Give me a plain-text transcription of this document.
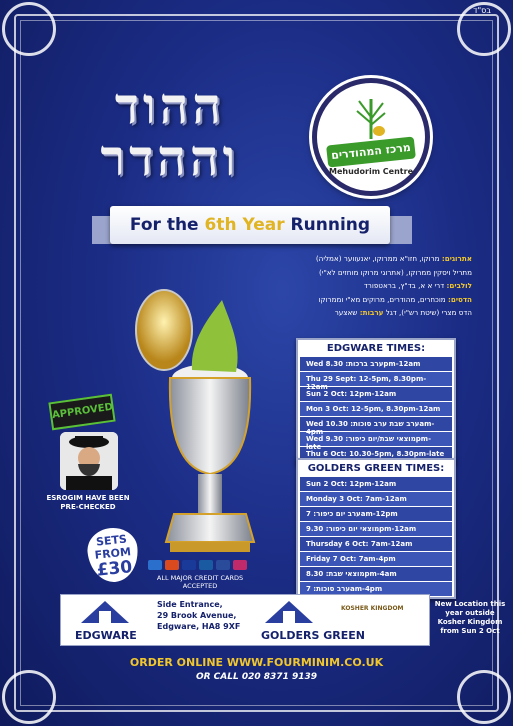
בס"ד
ההוד
וההדר	מרכז המהודרים
Mehudorim Centre
For the 6th Year Running
אתרוגים: מרוקו, חזו"א ממרוקו, יאנעווער (אמליה)
מתריל ויסקין ממרוקו, (אתרוגי מרוקו מוחזים לא"י)
לולבים: דרי א א, בד"ץ, בראטפורד
הדסים: מוכחרים, מהודרים, מרוקים מא"י וממרוקו
הדס מצרי (שיטת רש"י), דגל ערבות: שאצער
APPROVED
ESROGIM HAVE BEEN PRE-CHECKED
SETS
FROM
£30	ALL MAJOR CREDIT CARDS ACCEPTED
EDGWARE TIMES:
Wed ערב ברכות: 8.30pm-12am
Thu 29 Sept: 12-5pm, 8.30pm-12am
Sun 2 Oct: 12pm-12am
Mon 3 Oct: 12-5pm, 8.30pm-12am
Wed ערב שבת ערב סוכות: 10.30am-4pm
Wed מוצאי שבת/יום כיפור: 9.30pm-late
Thu 6 Oct: 10.30-5pm, 8.30pm-late
GOLDERS GREEN TIMES:
Sun 2 Oct: 12pm-12am
Monday 3 Oct: 7am-12am
ערב יום כיפור: 7am-12pm
מוצאי יום כיפור: 9.30pm-12am
Thursday 6 Oct: 7am-12am
Friday 7 Oct: 7am-4pm
מוצאי שבת: 8.30pm-4am
ערב סוכות: 7am-4pm
EDGWARE
Side Entrance,
29 Brook Avenue,
Edgware, HA8 9XF
KOSHER KINGDOM
GOLDERS GREEN
New Location this year outside Kosher Kingdom from Sun 2 Oct
ORDER ONLINE WWW.FOURMINIM.CO.UK
OR CALL 020 8371 9139
